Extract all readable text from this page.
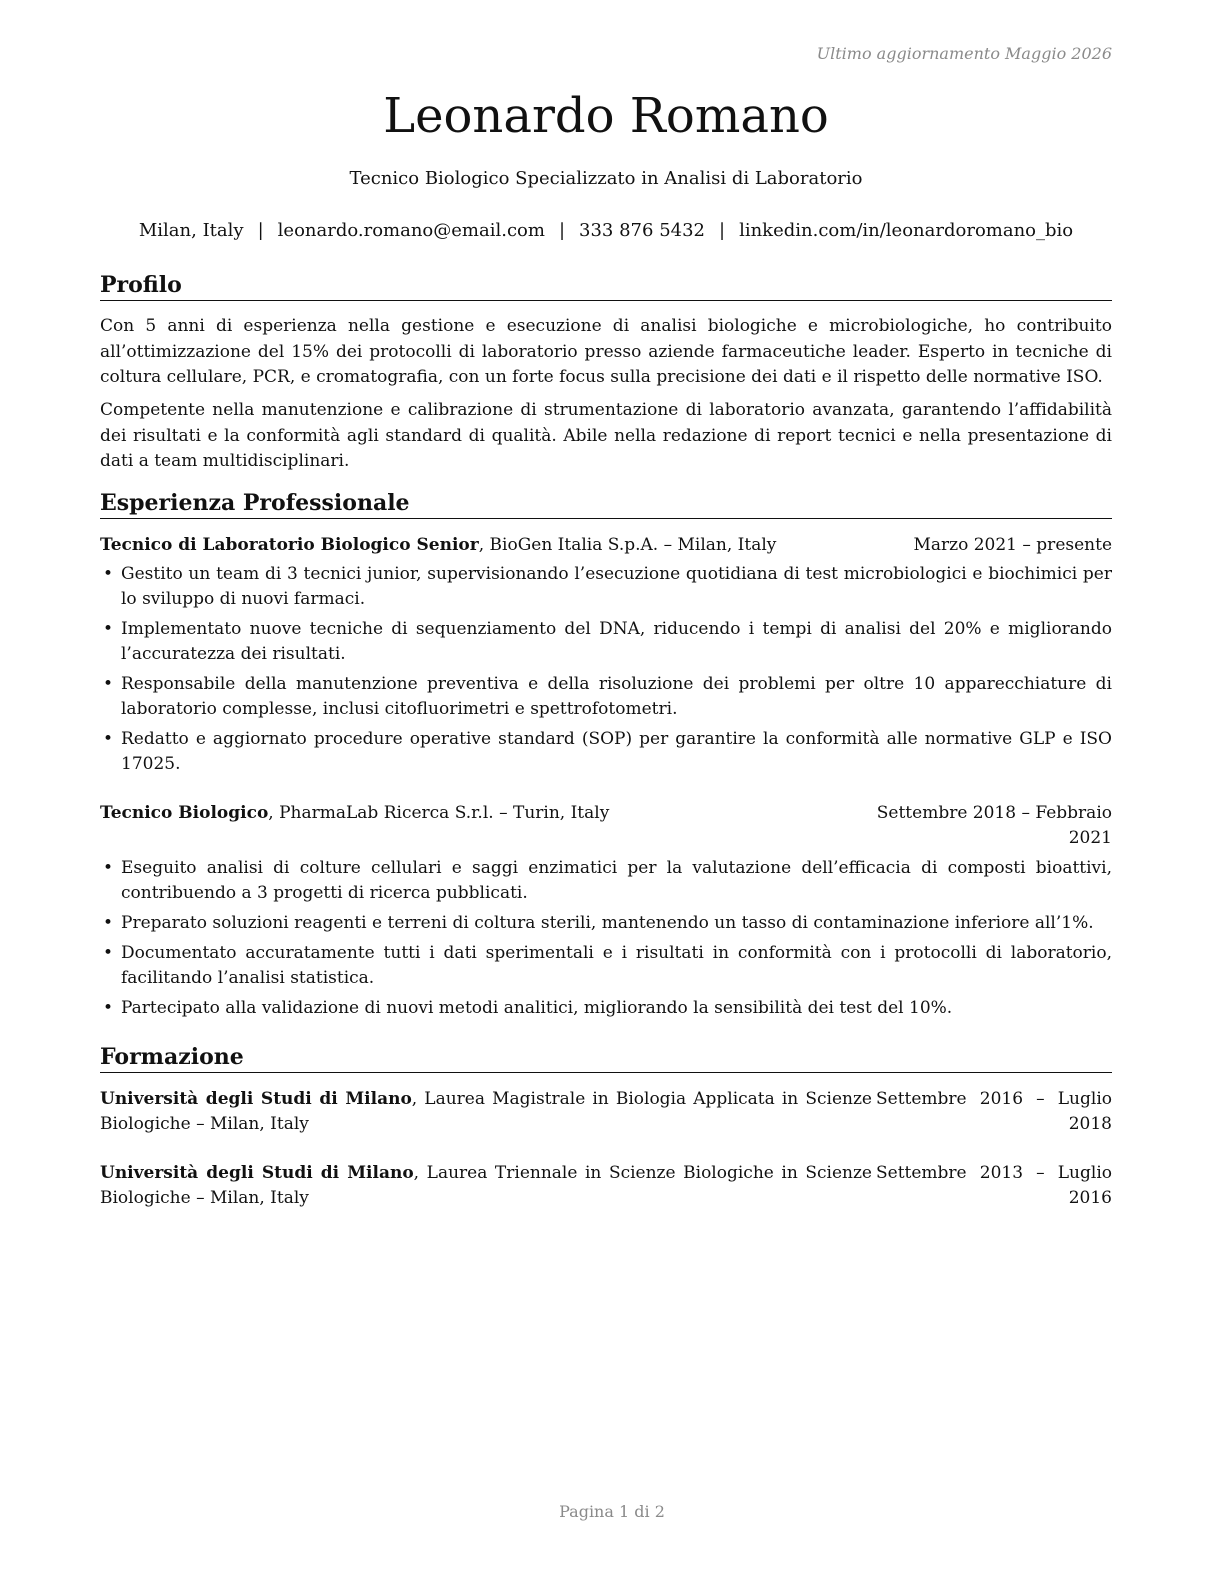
Ultimo aggiornamento Maggio 2026
Leonardo Romano
Tecnico Biologico Specializzato in Analisi di Laboratorio
Milan, Italy | leonardo.romano@email.com | 333 876 5432 | linkedin.com/in/leonardoromano_bio
Profilo

Con 5 anni di esperienza nella gestione e esecuzione di analisi biologiche e microbiologiche, ho contribuito all’ottimizzazione del 15% dei protocolli di laboratorio presso aziende farmaceutiche leader. Esperto in tecniche di coltura cellulare, PCR, e cromatografia, con un forte focus sulla precisione dei dati e il rispetto delle normative ISO.

Competente nella manutenzione e calibrazione di strumentazione di laboratorio avanzata, garantendo l’affidabilità dei risultati e la conformità agli standard di qualità. Abile nella redazione di report tecnici e nella presentazione di dati a team multidisciplinari.

Esperienza Professionale
Tecnico di Laboratorio Biologico Senior, BioGen Italia S.p.A. – Milan, Italy	Marzo 2021 – presente
• Gestito un team di 3 tecnici junior, supervisionando l’esecuzione quotidiana di test microbiologici e biochimici per lo sviluppo di nuovi farmaci.
• Implementato nuove tecniche di sequenziamento del DNA, riducendo i tempi di analisi del 20% e migliorando l’accuratezza dei risultati.
• Responsabile della manutenzione preventiva e della risoluzione dei problemi per oltre 10 apparecchiature di laboratorio complesse, inclusi citofluorimetri e spettrofotometri.
• Redatto e aggiornato procedure operative standard (SOP) per garantire la conformità alle normative GLP e ISO 17025.
Tecnico Biologico, PharmaLab Ricerca S.r.l. – Turin, Italy	Settembre 2018 – Febbraio
2021
• Eseguito analisi di colture cellulari e saggi enzimatici per la valutazione dell’efficacia di composti bioattivi, contribuendo a 3 progetti di ricerca pubblicati.
• Preparato soluzioni reagenti e terreni di coltura sterili, mantenendo un tasso di contaminazione inferiore all’1%.
• Documentato accuratamente tutti i dati sperimentali e i risultati in conformità con i protocolli di laboratorio, facilitando l’analisi statistica.
• Partecipato alla validazione di nuovi metodi analitici, migliorando la sensibilità dei test del 10%.
Formazione
Università degli Studi di Milano, Laurea Magistrale in Biologia Applicata in Scienze Biologiche – Milan, Italy
Settembre 2016 – Luglio 2018
Università degli Studi di Milano, Laurea Triennale in Scienze Biologiche in Scienze Biologiche – Milan, Italy
Settembre 2013 – Luglio 2016
Pagina 1 di 2
